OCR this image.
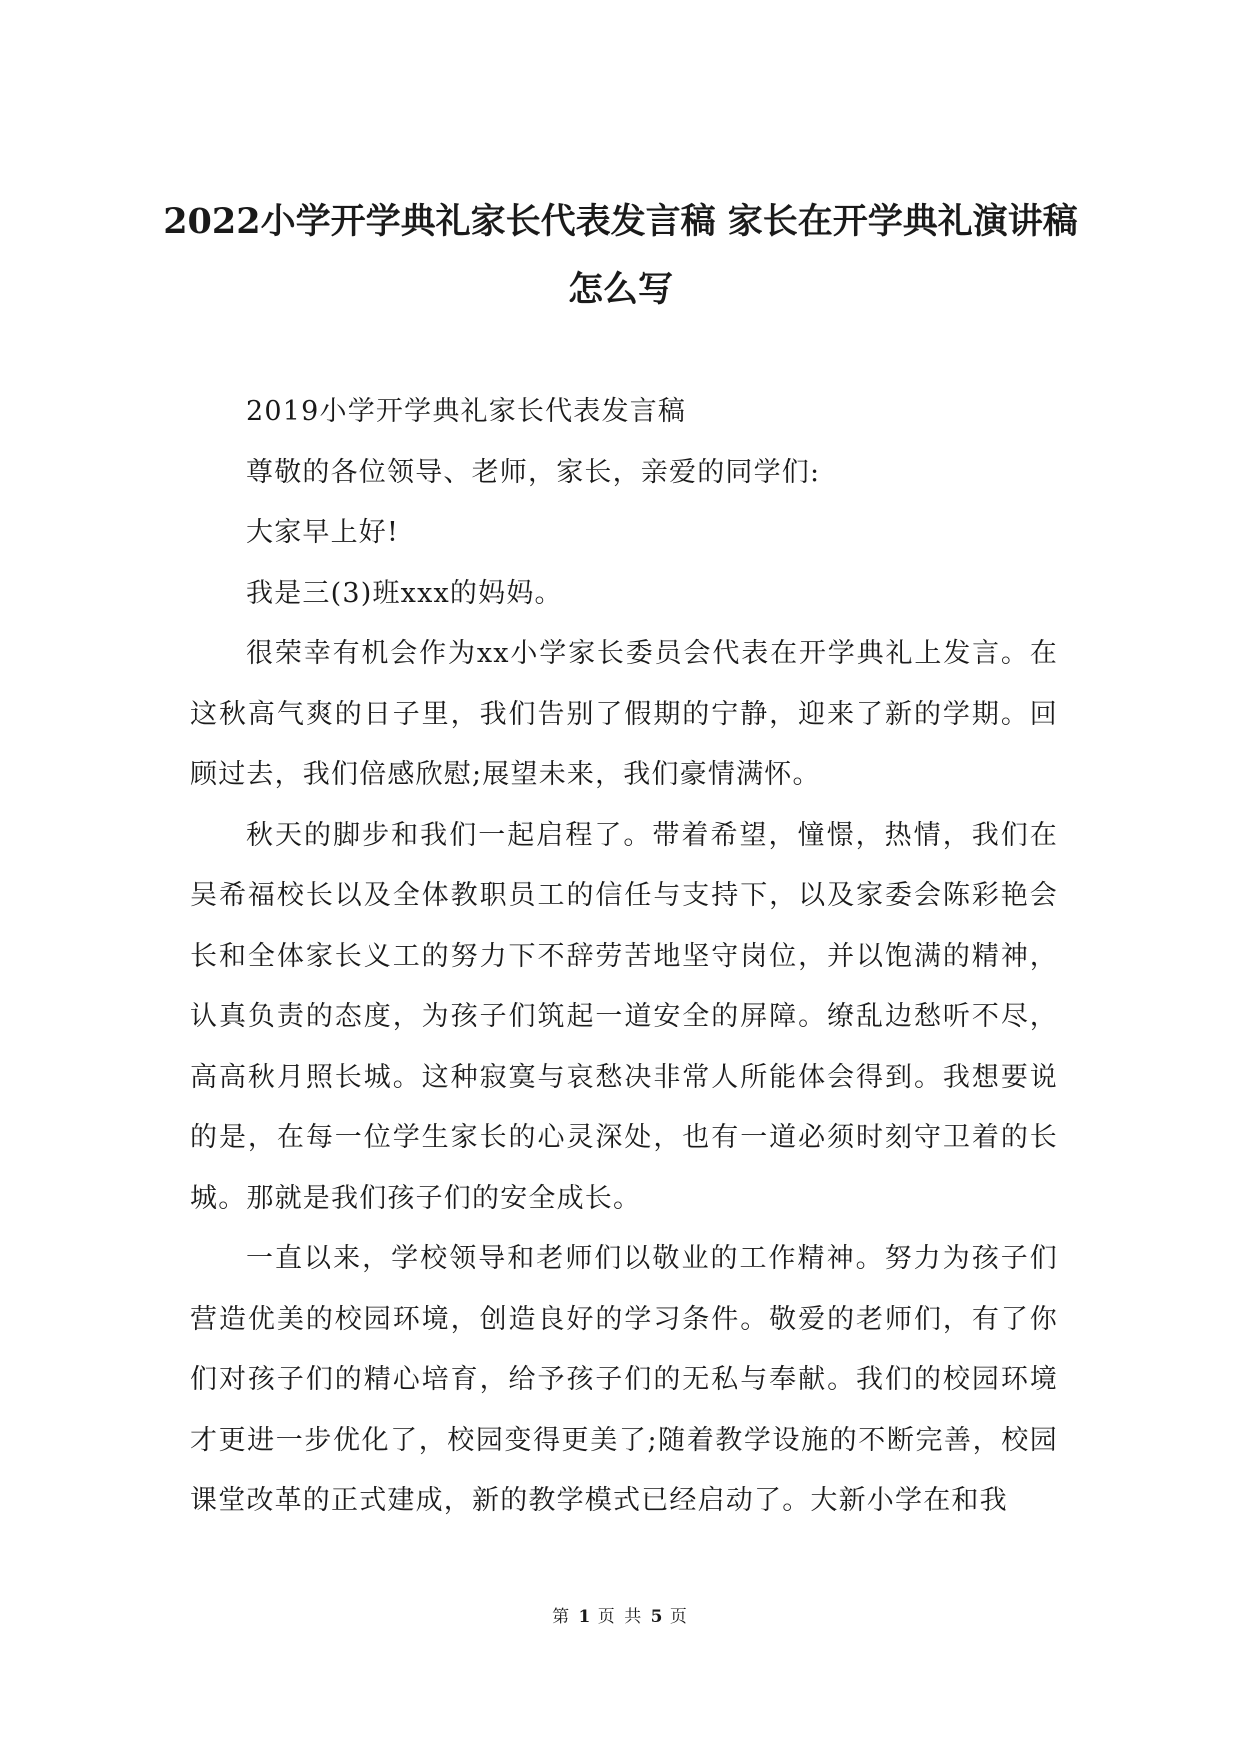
2022小学开学典礼家长代表发言稿 家长在开学典礼演讲稿
怎么写

2019小学开学典礼家长代表发言稿

尊敬的各位领导、老师，家长，亲爱的同学们:

大家早上好!

我是三(3)班xxx的妈妈。

很荣幸有机会作为xx小学家长委员会代表在开学典礼上发言。在这秋高气爽的日子里，我们告别了假期的宁静，迎来了新的学期。回顾过去，我们倍感欣慰;展望未来，我们豪情满怀。

秋天的脚步和我们一起启程了。带着希望，憧憬，热情，我们在吴希福校长以及全体教职员工的信任与支持下，以及家委会陈彩艳会长和全体家长义工的努力下不辞劳苦地坚守岗位，并以饱满的精神，认真负责的态度，为孩子们筑起一道安全的屏障。缭乱边愁听不尽，高高秋月照长城。这种寂寞与哀愁决非常人所能体会得到。我想要说的是，在每一位学生家长的心灵深处，也有一道必须时刻守卫着的长城。那就是我们孩子们的安全成长。

一直以来，学校领导和老师们以敬业的工作精神。努力为孩子们营造优美的校园环境，创造良好的学习条件。敬爱的老师们，有了你们对孩子们的精心培育，给予孩子们的无私与奉献。我们的校园环境才更进一步优化了，校园变得更美了;随着教学设施的不断完善，校园课堂改革的正式建成，新的教学模式已经启动了。大新小学在和我

第 1 页 共 5 页
